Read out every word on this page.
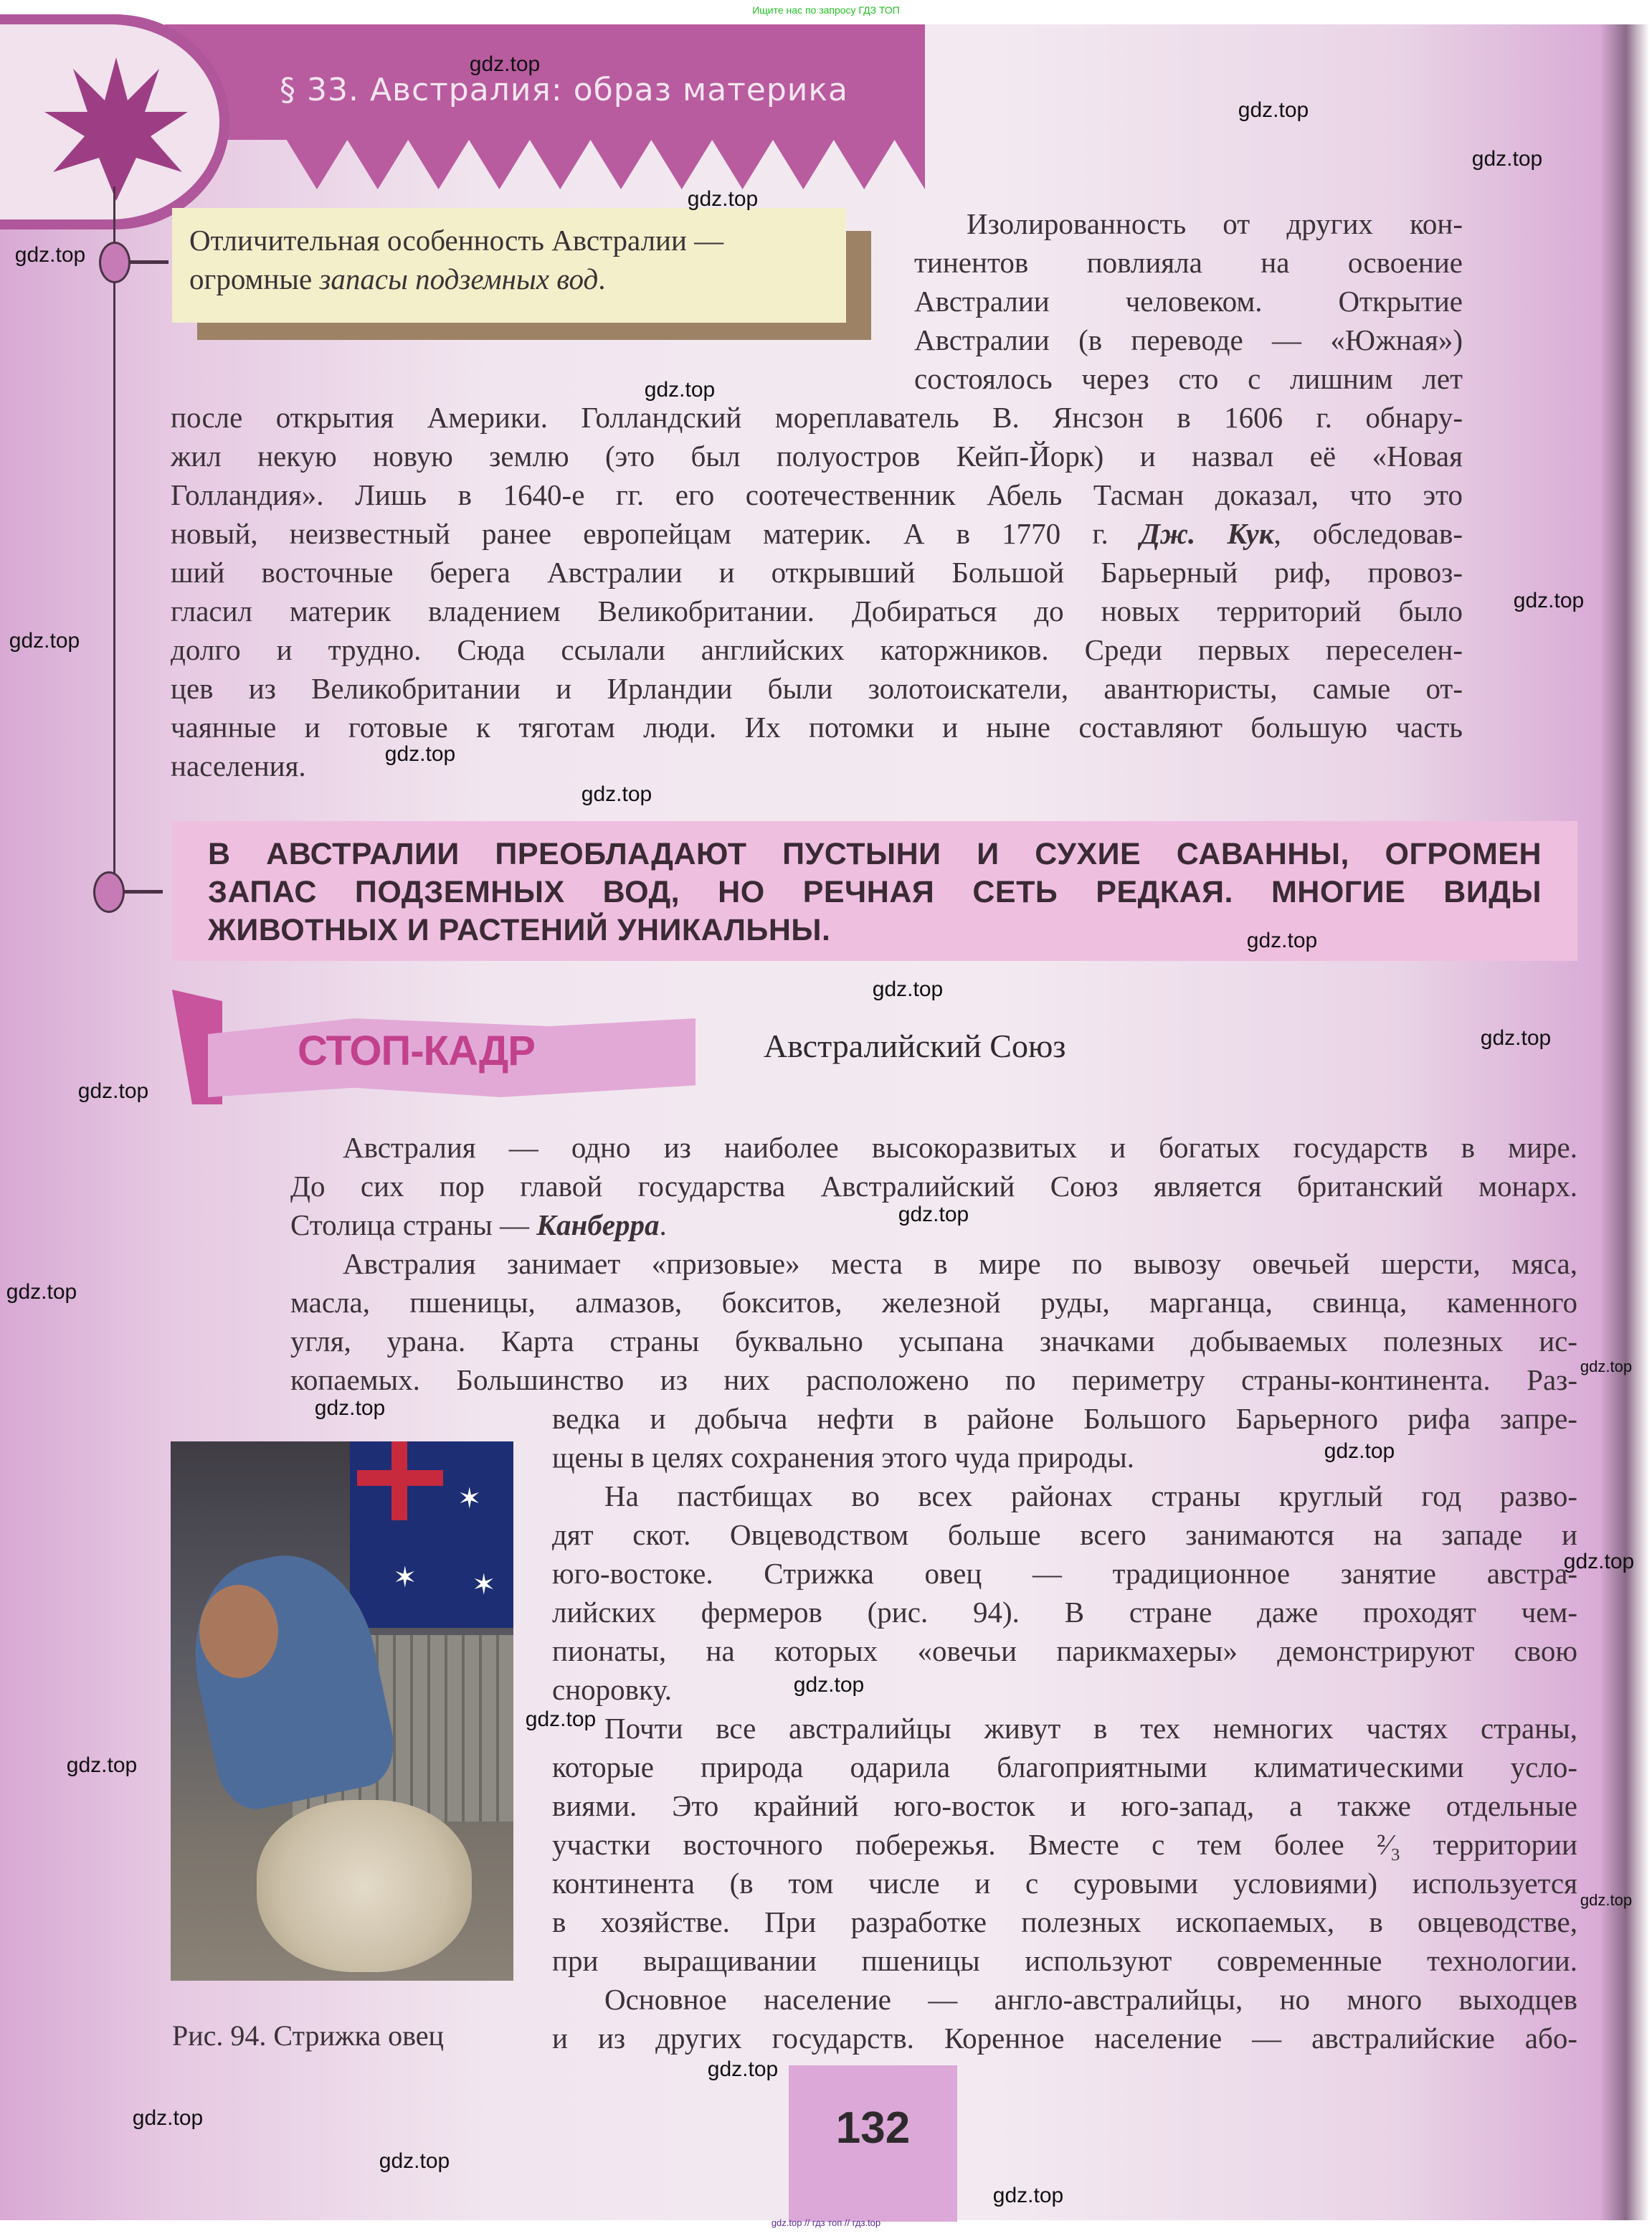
Ищите нас по запросу ГДЗ ТОП
§ 33. Австралия: образ материка
Отличительная особенность Австралии — огромные запасы подземных вод.
Изолированность от других кон-
тинентов повлияла на освоение
Австралии человеком. Открытие
Австралии (в переводе — «Южная»)
состоялось через сто с лишним лет
после открытия Америки. Голландский мореплаватель В. Янсзон в 1606 г. обнару-
жил некую новую землю (это был полуостров Кейп-Йорк) и назвал её «Новая
Голландия». Лишь в 1640-е гг. его соотечественник Абель Тасман доказал, что это
новый, неизвестный ранее европейцам материк. А в 1770 г. Дж. Кук, обследовав-
ший восточные берега Австралии и открывший Большой Барьерный риф, провоз-
гласил материк владением Великобритании. Добираться до новых территорий было
долго и трудно. Сюда ссылали английских каторжников. Среди первых переселен-
цев из Великобритании и Ирландии были золотоискатели, авантюристы, самые от-
чаянные и готовые к тяготам люди. Их потомки и ныне составляют большую часть
населения.
В АВСТРАЛИИ ПРЕОБЛАДАЮТ ПУСТЫНИ И СУХИЕ САВАННЫ, ОГРОМЕН
ЗАПАС ПОДЗЕМНЫХ ВОД, НО РЕЧНАЯ СЕТЬ РЕДКАЯ. МНОГИЕ ВИДЫ
ЖИВОТНЫХ И РАСТЕНИЙ УНИКАЛЬНЫ.
СТОП-КАДР	Австралийский Союз
Австралия — одно из наиболее высокоразвитых и богатых государств в мире.
До сих пор главой государства Австралийский Союз является британский монарх.
Столица страны — Канберра.
Австралия занимает «призовые» места в мире по вывозу овечьей шерсти, мяса,
масла, пшеницы, алмазов, бокситов, железной руды, марганца, свинца, каменного
угля, урана. Карта страны буквально усыпана значками добываемых полезных ис-
копаемых. Большинство из них расположено по периметру страны-континента. Раз-
ведка и добыча нефти в районе Большого Барьерного рифа запре-
щены в целях сохранения этого чуда природы.
На пастбищах во всех районах страны круглый год разво-
дят скот. Овцеводством больше всего занимаются на западе и
юго-востоке. Стрижка овец — традиционное занятие австра-
лийских фермеров (рис. 94). В стране даже проходят чем-
пионаты, на которых «овечьи парикмахеры» демонстрируют свою
сноровку.
Почти все австралийцы живут в тех немногих частях страны,
которые природа одарила благоприятными климатическими усло-
виями. Это крайний юго-восток и юго-запад, а также отдельные
участки восточного побережья. Вместе с тем более ²⁄₃ территории
континента (в том числе и с суровыми условиями) используется
в хозяйстве. При разработке полезных ископаемых, в овцеводстве,
при выращивании пшеницы используют современные технологии.
Основное население — англо-австралийцы, но много выходцев
и из других государств. Коренное население — австралийские або-
✶
✶ ✶
Рис. 94. Стрижка овец
132
gdz.top
gdz.top
gdz.top
gdz.top
gdz.top
gdz.top
gdz.top
gdz.top
gdz.top
gdz.top
gdz.top
gdz.top
gdz.top
gdz.top
gdz.top
gdz.top
gdz.top
gdz.top
gdz.top
gdz.top
gdz.top
gdz.top
gdz.top
gdz.top
gdz.top
gdz.top
gdz.top
gdz.top
gdz.top // гдз топ // гдз.top
